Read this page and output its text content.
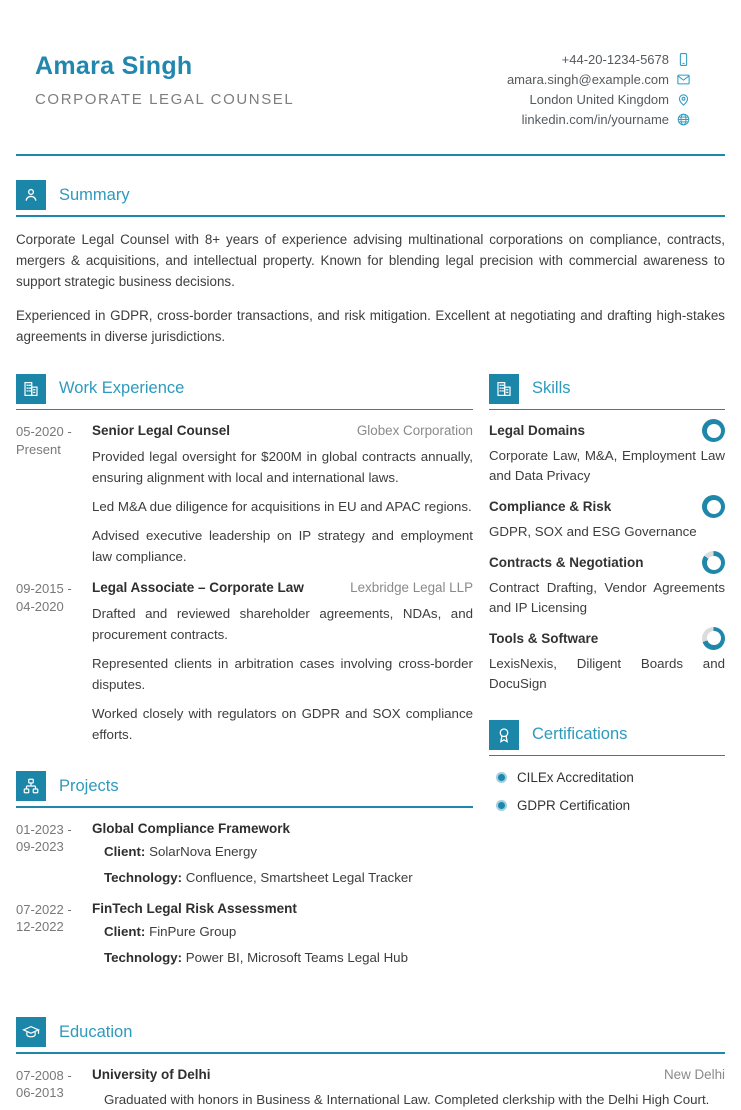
Amara Singh
CORPORATE LEGAL COUNSEL
+44-20-1234-5678
amara.singh@example.com
London United Kingdom
linkedin.com/in/yourname
Summary

Corporate Legal Counsel with 8+ years of experience advising multinational corporations on compliance, contracts, mergers & acquisitions, and intellectual property. Known for blending legal precision with commercial awareness to support strategic business decisions.

Experienced in GDPR, cross-border transactions, and risk mitigation. Excellent at negotiating and drafting high-stakes agreements in diverse jurisdictions.

Work Experience
05-2020 -
Present
Senior Legal Counsel	Globex Corporation

Provided legal oversight for $200M in global contracts annually, ensuring alignment with local and international laws.

Led M&A due diligence for acquisitions in EU and APAC regions.

Advised executive leadership on IP strategy and employment law compliance.

09-2015 -
04-2020
Legal Associate – Corporate Law	Lexbridge Legal LLP

Drafted and reviewed shareholder agreements, NDAs, and procurement contracts.

Represented clients in arbitration cases involving cross-border disputes.

Worked closely with regulators on GDPR and SOX compliance efforts.

Projects
01-2023 -
09-2023
Global Compliance Framework
Client: SolarNova Energy
Technology: Confluence, Smartsheet Legal Tracker
07-2022 -
12-2022
FinTech Legal Risk Assessment
Client: FinPure Group
Technology: Power BI, Microsoft Teams Legal Hub
Skills
Legal Domains
Corporate Law, M&A, Employment Law and Data Privacy
Compliance & Risk
GDPR, SOX and ESG Governance
Contracts & Negotiation
Contract Drafting, Vendor Agreements and IP Licensing
Tools & Software
LexisNexis, Diligent Boards and DocuSign
Certifications
CILEx Accreditation
GDPR Certification
Education
07-2008 -
06-2013
University of Delhi	New Delhi
Graduated with honors in Business & International Law. Completed clerkship with the Delhi High Court.
